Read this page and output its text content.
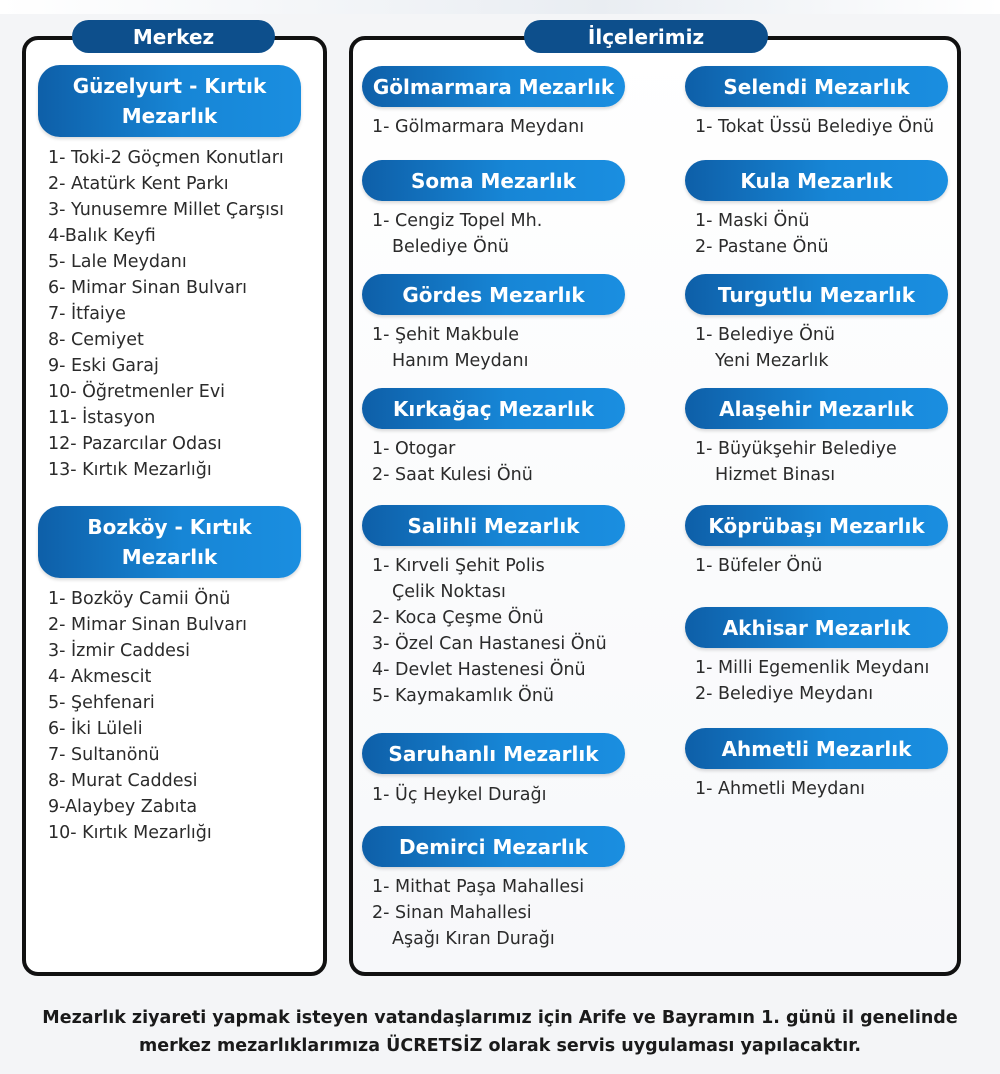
Merkez
Güzelyurt - Kırtık
Mezarlık
1- Toki-2 Göçmen Konutları
2- Atatürk Kent Parkı
3- Yunusemre Millet Çarşısı
4-Balık Keyfi
5- Lale Meydanı
6- Mimar Sinan Bulvarı
7- İtfaiye
8- Cemiyet
9- Eski Garaj
10- Öğretmenler Evi
11- İstasyon
12- Pazarcılar Odası
13- Kırtık Mezarlığı
Bozköy - Kırtık
Mezarlık
1- Bozköy Camii Önü
2- Mimar Sinan Bulvarı
3- İzmir Caddesi
4- Akmescit
5- Şehfenari
6- İki Lüleli
7- Sultanönü
8- Murat Caddesi
9-Alaybey Zabıta
10- Kırtık Mezarlığı
İlçelerimiz
Gölmarmara Mezarlık
1- Gölmarmara Meydanı
Soma Mezarlık
1- Cengiz Topel Mh.
Belediye Önü
Gördes Mezarlık
1- Şehit Makbule
Hanım Meydanı
Kırkağaç Mezarlık
1- Otogar
2- Saat Kulesi Önü
Salihli Mezarlık
1- Kırveli Şehit Polis
Çelik Noktası
2- Koca Çeşme Önü
3- Özel Can Hastanesi Önü
4- Devlet Hastenesi Önü
5- Kaymakamlık Önü
Saruhanlı Mezarlık
1- Üç Heykel Durağı
Demirci Mezarlık
1- Mithat Paşa Mahallesi
2- Sinan Mahallesi
Aşağı Kıran Durağı
Selendi Mezarlık
1- Tokat Üssü Belediye Önü
Kula Mezarlık
1- Maski Önü
2- Pastane Önü
Turgutlu Mezarlık
1- Belediye Önü
Yeni Mezarlık
Alaşehir Mezarlık
1- Büyükşehir Belediye
Hizmet Binası
Köprübaşı Mezarlık
1- Büfeler Önü
Akhisar Mezarlık
1- Milli Egemenlik Meydanı
2- Belediye Meydanı
Ahmetli Mezarlık
1- Ahmetli Meydanı
Mezarlık ziyareti yapmak isteyen vatandaşlarımız için Arife ve Bayramın 1. günü il genelinde
merkez mezarlıklarımıza ÜCRETSİZ olarak servis uygulaması yapılacaktır.
